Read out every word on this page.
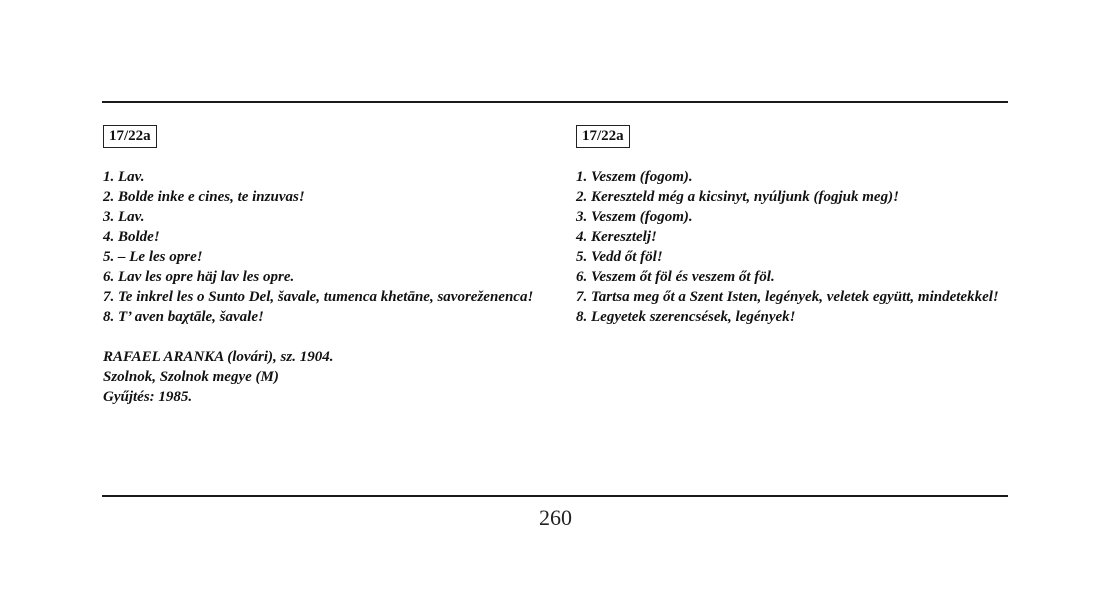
17/22a
1. Lav.
2. Bolde inke e cines, te inzuvas!
3. Lav.
4. Bolde!
5. – Le les opre!
6. Lav les opre häj lav les opre.
7. Te inkrel les o Sunto Del, šavale, tumenca khetāne, savoreženenca!
8. T’ aven baχtāle, šavale!
RAFAEL ARANKA (lovári), sz. 1904.
Szolnok, Szolnok megye (M)
Gyűjtés: 1985.
17/22a
1. Veszem (fogom).
2. Kereszteld még a kicsinyt, nyúljunk (fogjuk meg)!
3. Veszem (fogom).
4. Keresztelj!
5. Vedd őt föl!
6. Veszem őt föl és veszem őt föl.
7. Tartsa meg őt a Szent Isten, legények, veletek együtt, mindetekkel!
8. Legyetek szerencsések, legények!
260
